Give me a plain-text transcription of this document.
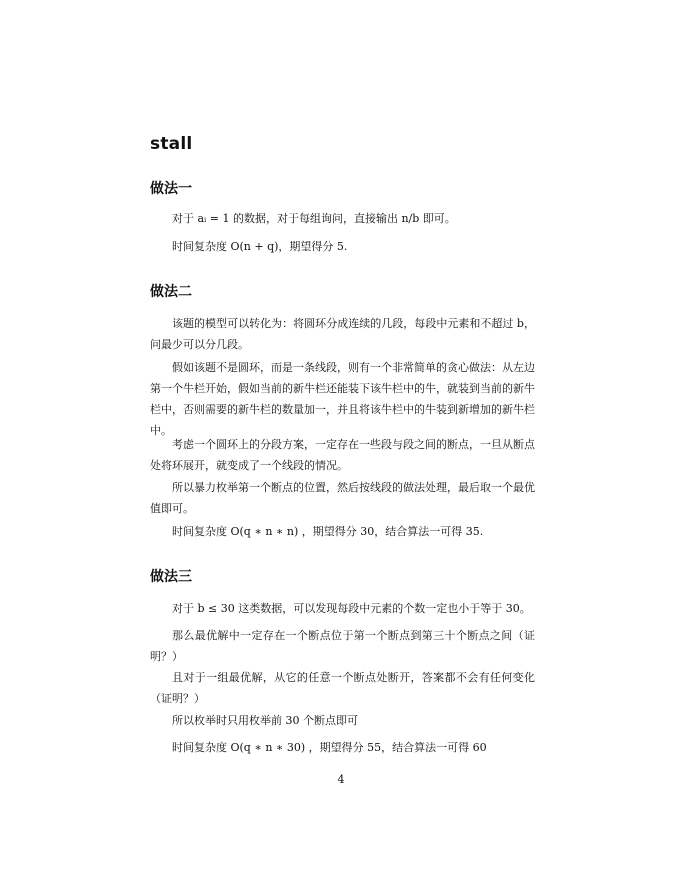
stall
做法一

对于 aᵢ = 1 的数据，对于每组询问，直接输出 n/b 即可。

时间复杂度 O(n + q)，期望得分 5.

做法二

该题的模型可以转化为：将圆环分成连续的几段，每段中元素和不超过 b，问最少可以分几段。

假如该题不是圆环，而是一条线段，则有一个非常简单的贪心做法：从左边第一个牛栏开始，假如当前的新牛栏还能装下该牛栏中的牛，就装到当前的新牛栏中，否则需要的新牛栏的数量加一，并且将该牛栏中的牛装到新增加的新牛栏中。

考虑一个圆环上的分段方案，一定存在一些段与段之间的断点，一旦从断点处将环展开，就变成了一个线段的情况。

所以暴力枚举第一个断点的位置，然后按线段的做法处理，最后取一个最优值即可。

时间复杂度 O(q ∗ n ∗ n) ，期望得分 30，结合算法一可得 35.

做法三

对于 b ≤ 30 这类数据，可以发现每段中元素的个数一定也小于等于 30。

那么最优解中一定存在一个断点位于第一个断点到第三十个断点之间（证明？）

且对于一组最优解，从它的任意一个断点处断开，答案都不会有任何变化（证明？）

所以枚举时只用枚举前 30 个断点即可

时间复杂度 O(q ∗ n ∗ 30) ，期望得分 55，结合算法一可得 60

4
